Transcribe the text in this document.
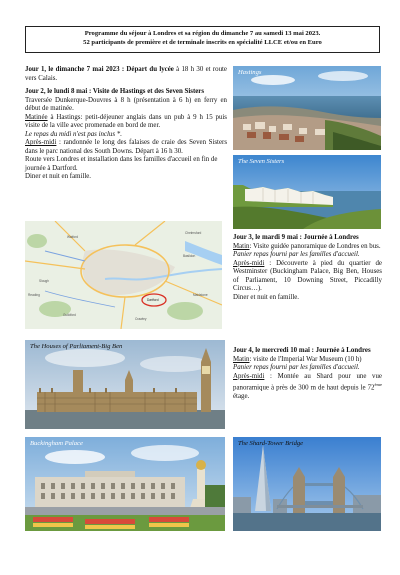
Programme du séjour à Londres et sa région du dimanche 7 au samedi 13 mai 2023.
52 participants de première et de terminale inscrits en spécialité LLCE et/ou en Euro

Jour 1, le dimanche 7 mai 2023 : Départ du lycée à 18 h 30 et route vers Calais.

Jour 2, le lundi 8 mai : Visite de Hastings et des Seven Sisters

Traversée Dunkerque-Douvres à 8 h (présentation à 6 h) en ferry en début de matinée.

Matinée à Hastings: petit-déjeuner anglais dans un pub à 9 h 15 puis visite de la ville avec promenade en bord de mer.

Le repas du midi n'est pas inclus *.

Après-midi : randonnée le long des falaises de craie des Seven Sisters dans le parc national des South Downs. Départ à 16 h 30.

Route vers Londres et installation dans les familles d'accueil en fin de journée à Dartford.

Diner et nuit en famille.

Hastings
The Seven Sisters
Chelmsford
Basildon
Dartford
Watford
Slough
Maidstone
Reading
Crawley
Guildford
The Houses of Parliament-Big Ben
Buckingham Palace	The Shard-Tower Bridge

Jour 3, le mardi 9 mai : Journée à Londres

Matin: Visite guidée panoramique de Londres en bus.

Panier repas fourni par les familles d'accueil.

Après-midi : Découverte à pied du quartier de Westminster (Buckingham Palace, Big Ben, Houses of Parliament, 10 Downing Street, Piccadilly Circus…).

Diner et nuit en famille.

Jour 4, le mercredi 10 mai : Journée à Londres

Matin: visite de l'Imperial War Museum (10 h)

Panier repas fourni par les familles d'accueil.

Après-midi : Montée au Shard pour une vue panoramique à près de 300 m de haut depuis le 72ème étage.
